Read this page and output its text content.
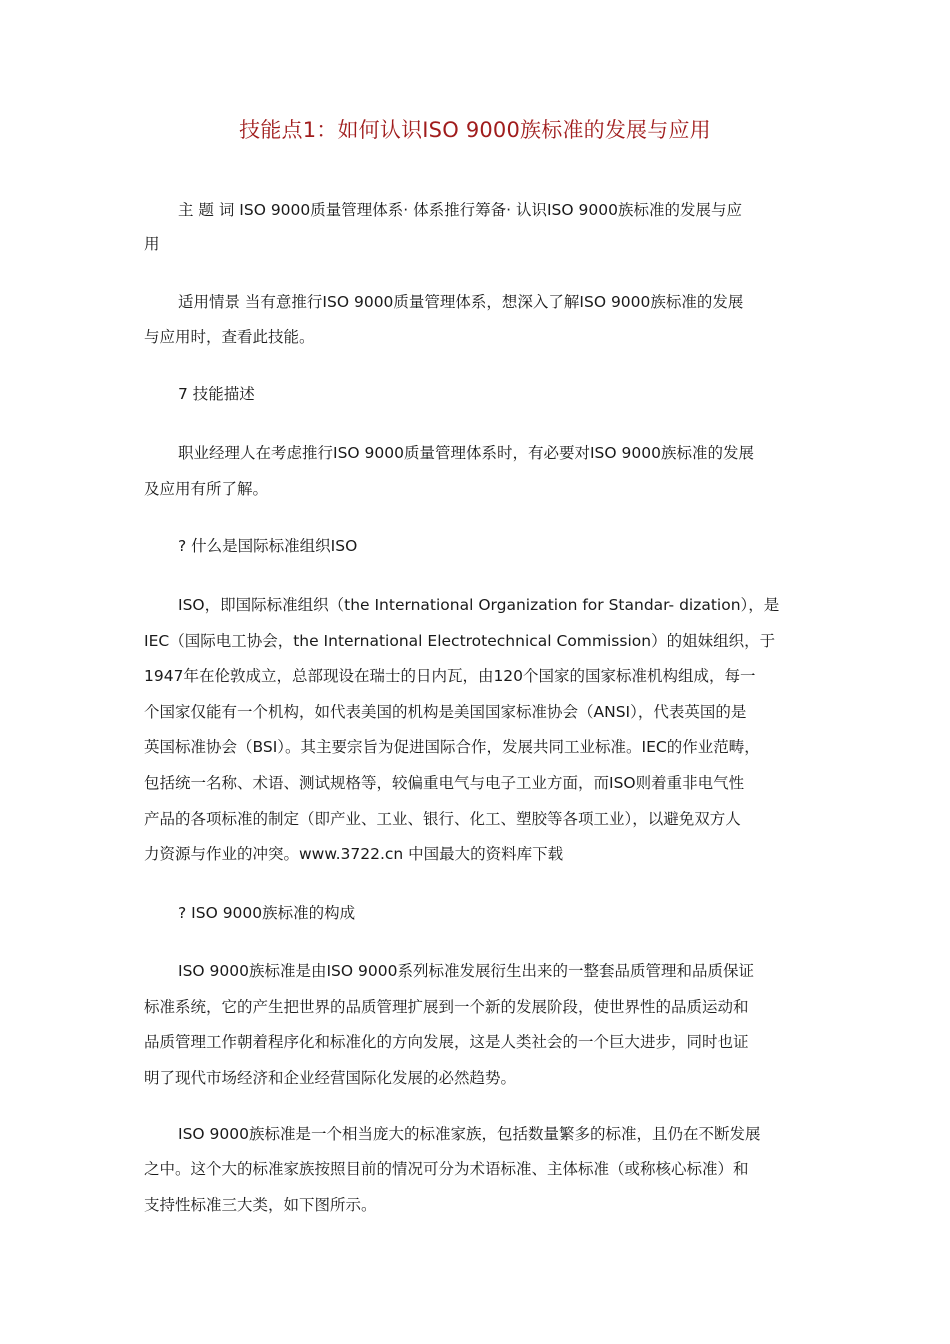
技能点1：如何认识ISO 9000族标准的发展与应用
主 题 词 ISO 9000质量管理体系· 体系推行筹备· 认识ISO 9000族标准的发展与应
用
适用情景 当有意推行ISO 9000质量管理体系，想深入了解ISO 9000族标准的发展
与应用时，查看此技能。
7 技能描述
职业经理人在考虑推行ISO 9000质量管理体系时，有必要对ISO 9000族标准的发展
及应用有所了解。
? 什么是国际标准组织ISO
ISO，即国际标准组织（the International Organization for Standar- dization），是
IEC（国际电工协会，the International Electrotechnical Commission）的姐妹组织，于
1947年在伦敦成立，总部现设在瑞士的日内瓦，由120个国家的国家标准机构组成，每一
个国家仅能有一个机构，如代表美国的机构是美国国家标准协会（ANSI），代表英国的是
英国标准协会（BSI）。其主要宗旨为促进国际合作，发展共同工业标准。IEC的作业范畴，
包括统一名称、术语、测试规格等，较偏重电气与电子工业方面，而ISO则着重非电气性
产品的各项标准的制定（即产业、工业、银行、化工、塑胶等各项工业），以避免双方人
力资源与作业的冲突。www.3722.cn 中国最大的资料库下载
? ISO 9000族标准的构成
ISO 9000族标准是由ISO 9000系列标准发展衍生出来的一整套品质管理和品质保证
标准系统，它的产生把世界的品质管理扩展到一个新的发展阶段，使世界性的品质运动和
品质管理工作朝着程序化和标准化的方向发展，这是人类社会的一个巨大进步，同时也证
明了现代市场经济和企业经营国际化发展的必然趋势。
ISO 9000族标准是一个相当庞大的标准家族，包括数量繁多的标准，且仍在不断发展
之中。这个大的标准家族按照目前的情况可分为术语标准、主体标准（或称核心标准）和
支持性标准三大类，如下图所示。
